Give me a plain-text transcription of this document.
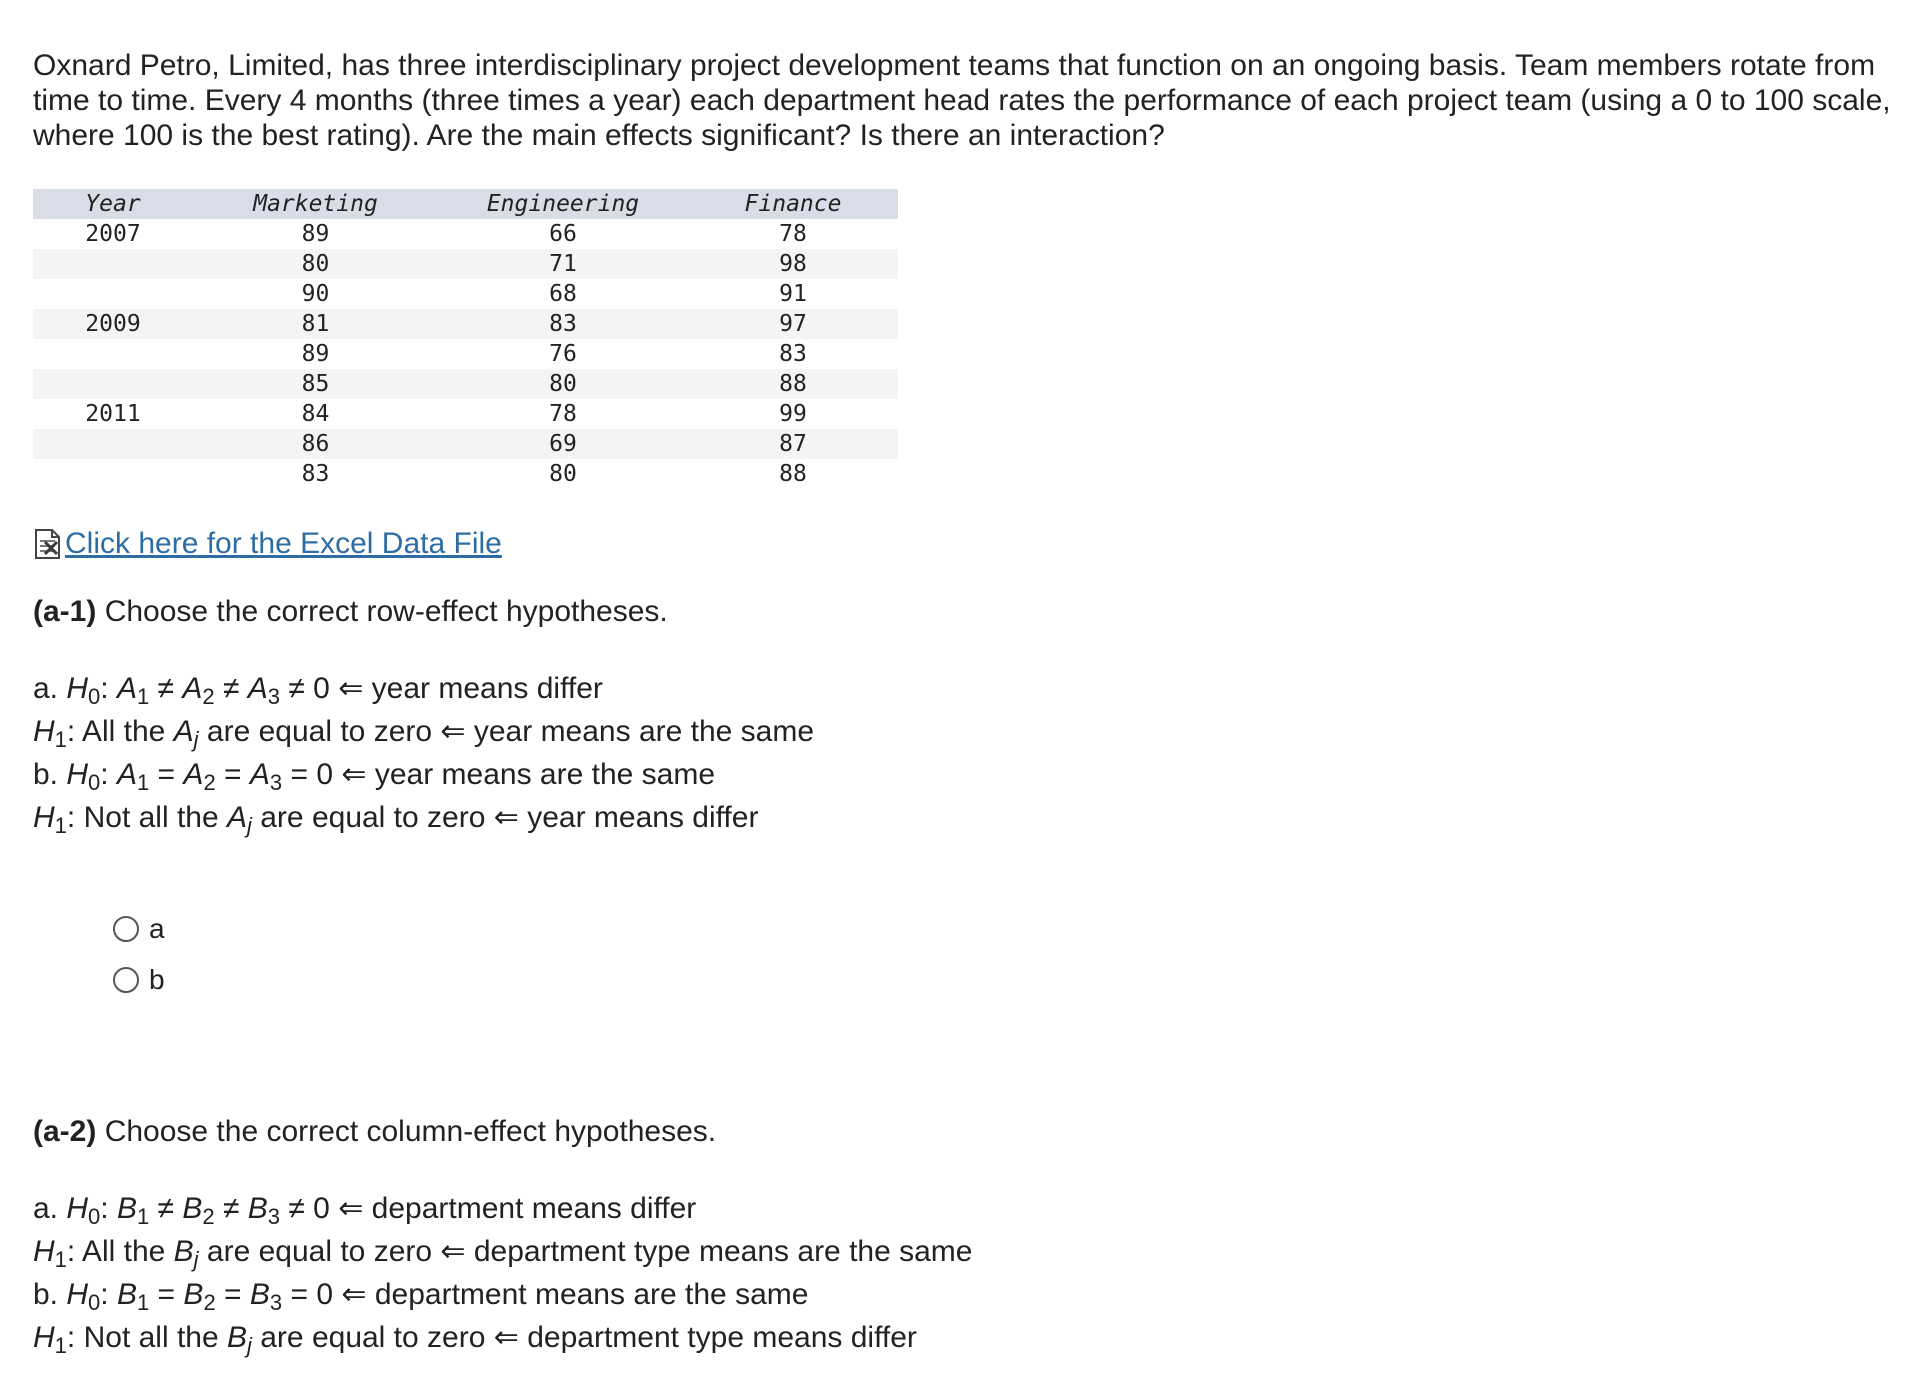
Oxnard Petro, Limited, has three interdisciplinary project development teams that function on an ongoing basis. Team members rotate from time to time. Every 4 months (three times a year) each department head rates the performance of each project team (using a 0 to 100 scale, where 100 is the best rating). Are the main effects significant? Is there an interaction?

Year	Marketing	Engineering	Finance
2007	89	66	78
	80	71	98
	90	68	91
2009	81	83	97
	89	76	83
	85	80	88
2011	84	78	99
	86	69	87
	83	80	88
Click here for the Excel Data File

(a-1) Choose the correct row-effect hypotheses.

a. $H_0$: $A_1 \ne A_2 \ne A_3 \ne 0$ ⇐ year means differ

$H_1$: All the $A_j$ are equal to zero ⇐ year means are the same

b. $H_0$: $A_1 = A_2 = A_3 = 0$ ⇐ year means are the same

$H_1$: Not all the $A_j$ are equal to zero ⇐ year means differ

a
b

(a-2) Choose the correct column-effect hypotheses.

a. $H_0$: $B_1 \ne B_2 \ne B_3 \ne 0$ ⇐ department means differ

$H_1$: All the $B_j$ are equal to zero ⇐ department type means are the same

b. $H_0$: $B_1 = B_2 = B_3 = 0$ ⇐ department means are the same

$H_1$: Not all the $B_j$ are equal to zero ⇐ department type means differ
